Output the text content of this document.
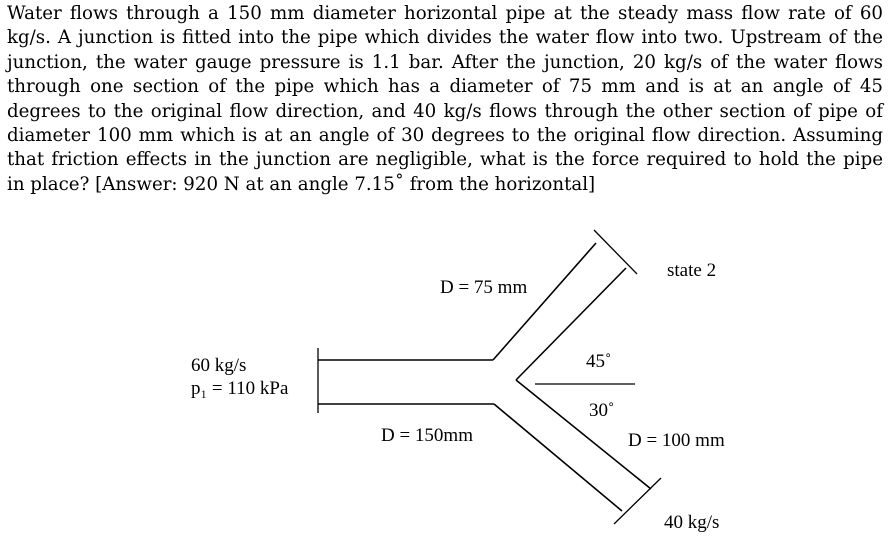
Water flows through a 150 mm diameter horizontal pipe at the steady mass flow rate of 60 kg/s. A junction is fitted into the pipe which divides the water flow into two. Upstream of the junction, the water gauge pressure is 1.1 bar. After the junction, 20 kg/s of the water flows through one section of the pipe which has a diameter of 75 mm and is at an angle of 45 degrees to the original flow direction, and 40 kg/s flows through the other section of pipe of diameter 100 mm which is at an angle of 30 degrees to the original flow direction. Assuming that friction effects in the junction are negligible, what is the force required to hold the pipe in place? [Answer: 920 N at an angle 7.15˚ from the horizontal]

60 kg/s
p₁ = 110 kPa
D = 75 mm
D = 150mm	D = 100 mm
45˚
30˚
state 2
40 kg/s
